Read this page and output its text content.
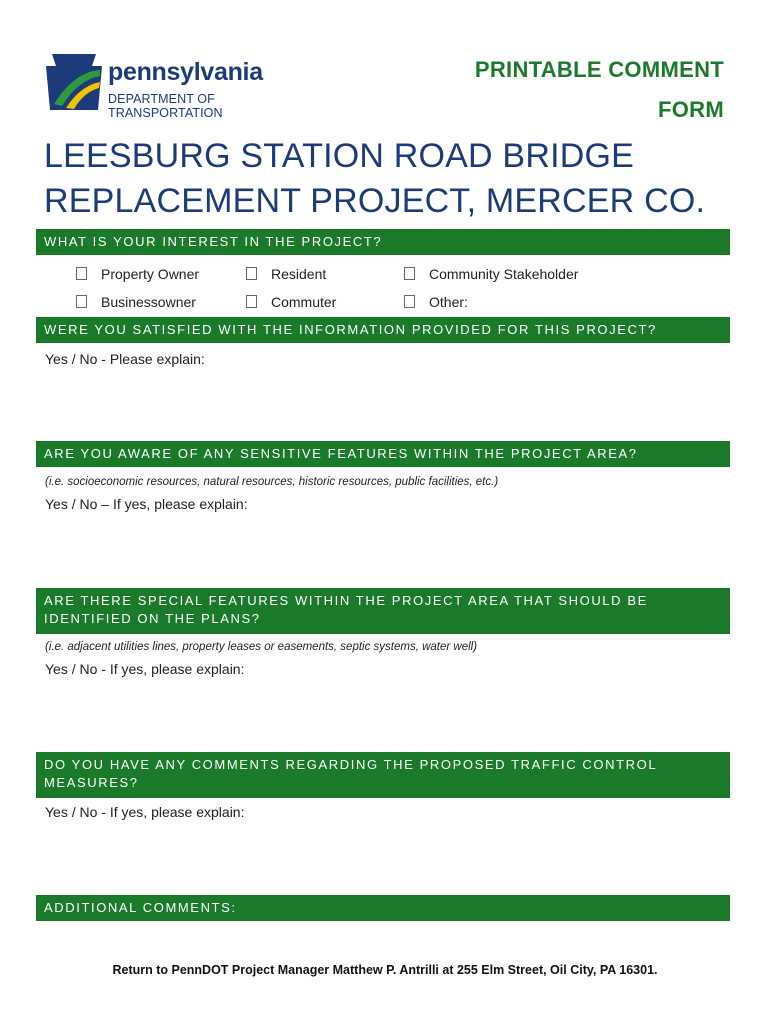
pennsylvania
DEPARTMENT OF TRANSPORTATION
PRINTABLE COMMENT
FORM
LEESBURG STATION ROAD BRIDGE
REPLACEMENT PROJECT, MERCER CO.
WHAT IS YOUR INTEREST IN THE PROJECT?
Property Owner	Resident	Community Stakeholder
Businessowner	Commuter	Other:
WERE YOU SATISFIED WITH THE INFORMATION PROVIDED FOR THIS PROJECT?
Yes / No - Please explain:
ARE YOU AWARE OF ANY SENSITIVE FEATURES WITHIN THE PROJECT AREA?
(i.e. socioeconomic resources, natural resources, historic resources, public facilities, etc.)
Yes / No – If yes, please explain:
ARE THERE SPECIAL FEATURES WITHIN THE PROJECT AREA THAT SHOULD BE
IDENTIFIED ON THE PLANS?
(i.e. adjacent utilities lines, property leases or easements, septic systems, water well)
Yes / No - If yes, please explain:
DO YOU HAVE ANY COMMENTS REGARDING THE PROPOSED TRAFFIC CONTROL
MEASURES?
Yes / No - If yes, please explain:
ADDITIONAL COMMENTS:
Return to PennDOT Project Manager Matthew P. Antrilli at 255 Elm Street, Oil City, PA 16301.
